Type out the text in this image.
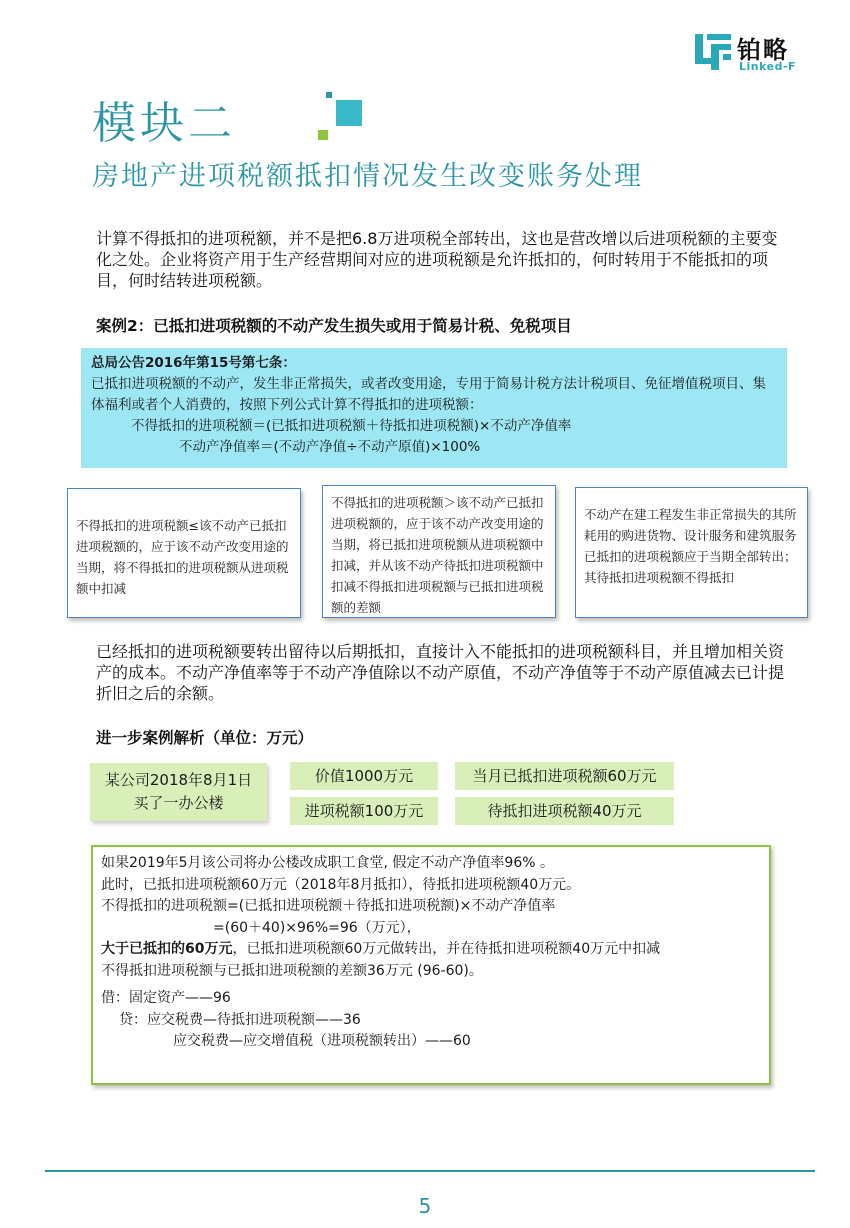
铂略
Linked-F
模块二
房地产进项税额抵扣情况发生改变账务处理
计算不得抵扣的进项税额，并不是把6.8万进项税全部转出，这也是营改增以后进项税额的主要变化之处。企业将资产用于生产经营期间对应的进项税额是允许抵扣的，何时转用于不能抵扣的项目，何时结转进项税额。
案例2：已抵扣进项税额的不动产发生损失或用于简易计税、免税项目
总局公告2016年第15号第七条：
已抵扣进项税额的不动产，发生非正常损失，或者改变用途，专用于简易计税方法计税项目、免征增值税项目、集体福利或者个人消费的，按照下列公式计算不得抵扣的进项税额：
不得抵扣的进项税额＝(已抵扣进项税额＋待抵扣进项税额)×不动产净值率
不动产净值率＝(不动产净值÷不动产原值)×100%
不得抵扣的进项税额≤该不动产已抵扣进项税额的，应于该不动产改变用途的当期，将不得抵扣的进项税额从进项税额中扣减
不得抵扣的进项税额＞该不动产已抵扣进项税额的，应于该不动产改变用途的当期，将已抵扣进项税额从进项税额中扣减，并从该不动产待抵扣进项税额中扣减不得抵扣进项税额与已抵扣进项税额的差额
不动产在建工程发生非正常损失的其所耗用的购进货物、设计服务和建筑服务已抵扣的进项税额应于当期全部转出；其待抵扣进项税额不得抵扣
已经抵扣的进项税额要转出留待以后期抵扣，直接计入不能抵扣的进项税额科目，并且增加相关资产的成本。不动产净值率等于不动产净值除以不动产原值，不动产净值等于不动产原值减去已计提折旧之后的余额。
进一步案例解析（单位：万元）
某公司2018年8月1日
买了一办公楼
价值1000万元
进项税额100万元
当月已抵扣进项税额60万元
待抵扣进项税额40万元
如果2019年5月该公司将办公楼改成职工食堂, 假定不动产净值率96% 。
此时，已抵扣进项税额60万元（2018年8月抵扣），待抵扣进项税额40万元。
不得抵扣的进项税额=(已抵扣进项税额＋待抵扣进项税额)×不动产净值率
=(60＋40)×96%=96（万元），
大于已抵扣的60万元，已抵扣进项税额60万元做转出，并在待抵扣进项税额40万元中扣减
不得抵扣进项税额与已抵扣进项税额的差额36万元 (96-60)。
借：固定资产——96
贷：应交税费—待抵扣进项税额——36
应交税费—应交增值税（进项税额转出）——60
5
